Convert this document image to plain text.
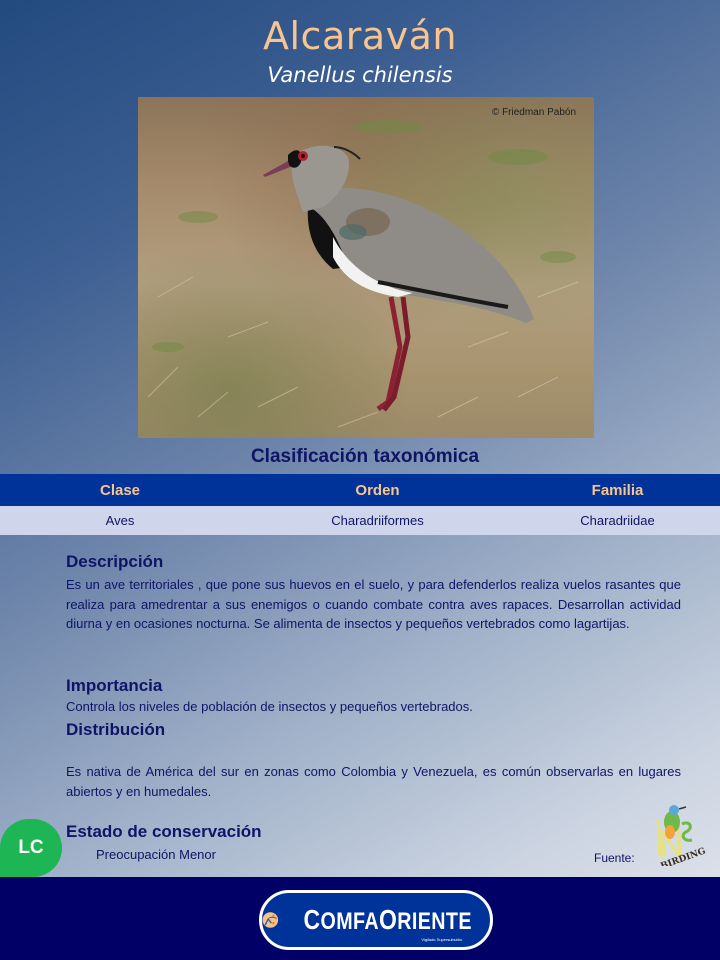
Alcaraván
Vanellus chilensis
© Friedman Pabón
Clasificación taxonómica
Clase	Orden	Familia
Aves	Charadriiformes	Charadriidae
Descripción
Es un ave territoriales , que pone sus huevos en el suelo, y para defenderlos realiza vuelos rasantes que realiza para amedrentar a sus enemigos o cuando combate contra aves rapaces. Desarrollan actividad diurna y en ocasiones nocturna. Se alimenta de insectos y pequeños vertebrados como lagartijas.
Importancia
Controla los niveles de población de insectos y pequeños vertebrados.
Distribución
Es nativa de América del sur en zonas como Colombia y Venezuela, es común observarlas en lugares abiertos y en humedales.
LC
Estado de conservación
Preocupación Menor	Fuente:	BIRDING
COMFAORIENTE
Vigilado Supersubsidio
